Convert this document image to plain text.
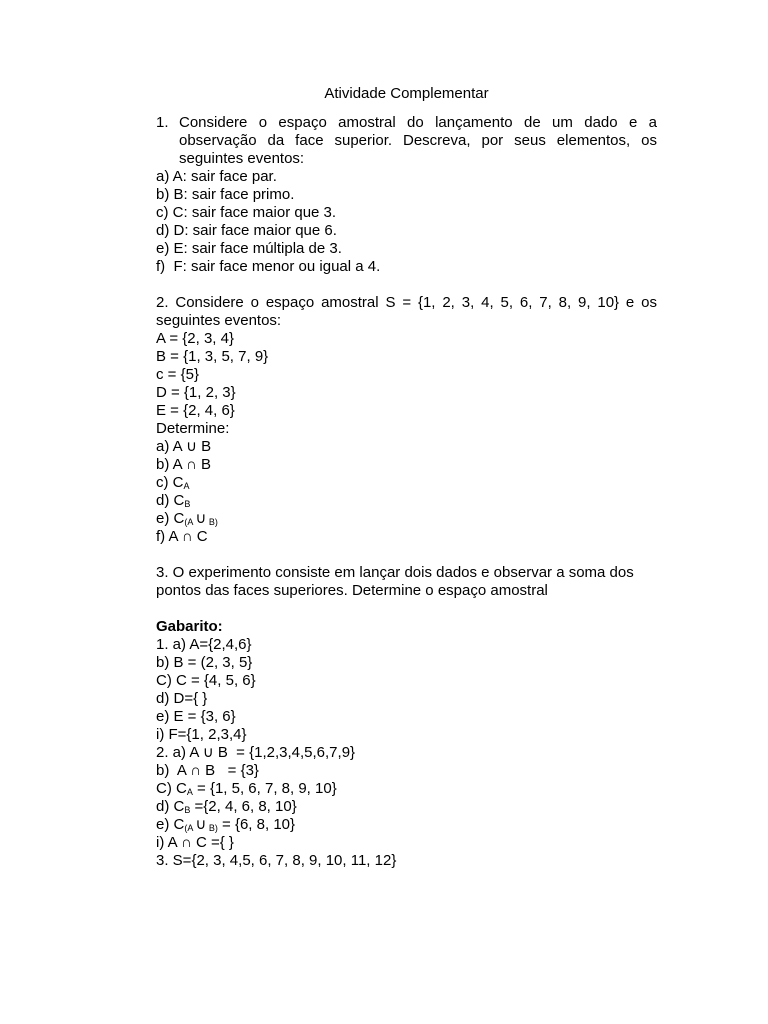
Atividade Complementar
1. Considere o espaço amostral do lançamento de um dado e a observação da face superior. Descreva, por seus elementos, os seguintes eventos:
a) A: sair face par.
b) B: sair face primo.
c) C: sair face maior que 3.
d) D: sair face maior que 6.
e) E: sair face múltipla de 3.
f)  F: sair face menor ou igual a 4.
2. Considere o espaço amostral S = {1, 2, 3, 4, 5, 6, 7, 8, 9, 10} e os seguintes eventos:
A = {2, 3, 4}
B = {1, 3, 5, 7, 9}
c = {5}
D = {1, 2, 3}
E = {2, 4, 6}
Determine:
a) A ∪ B
b) A ∩ B
c) $C_A$
d) $C_B$
e) $C_{(A}$ ∪ $_{B)}$
f) A ∩ C
3. O experimento consiste em lançar dois dados e observar a soma dos pontos das faces superiores. Determine o espaço amostral
Gabarito:
1. a) A={2,4,6}
b) B = (2, 3, 5}
C) C = {4, 5, 6}
d) D={ }
e) E = {3, 6}
i) F={1, 2,3,4}
2. a) A ∪ B  = {1,2,3,4,5,6,7,9}
b)  A ∩ B   = {3}
C) $C_A = \{1$, 5, 6, 7, 8, 9, 10}
d) $C_B =\{2$, 4, 6, 8, 10}
e) $C_{(A}$ ∪ $_{B)}$ = {6, 8, 10}
i) A ∩ C ={ }
3. S={2, 3, 4,5, 6, 7, 8, 9, 10, 11, 12}
